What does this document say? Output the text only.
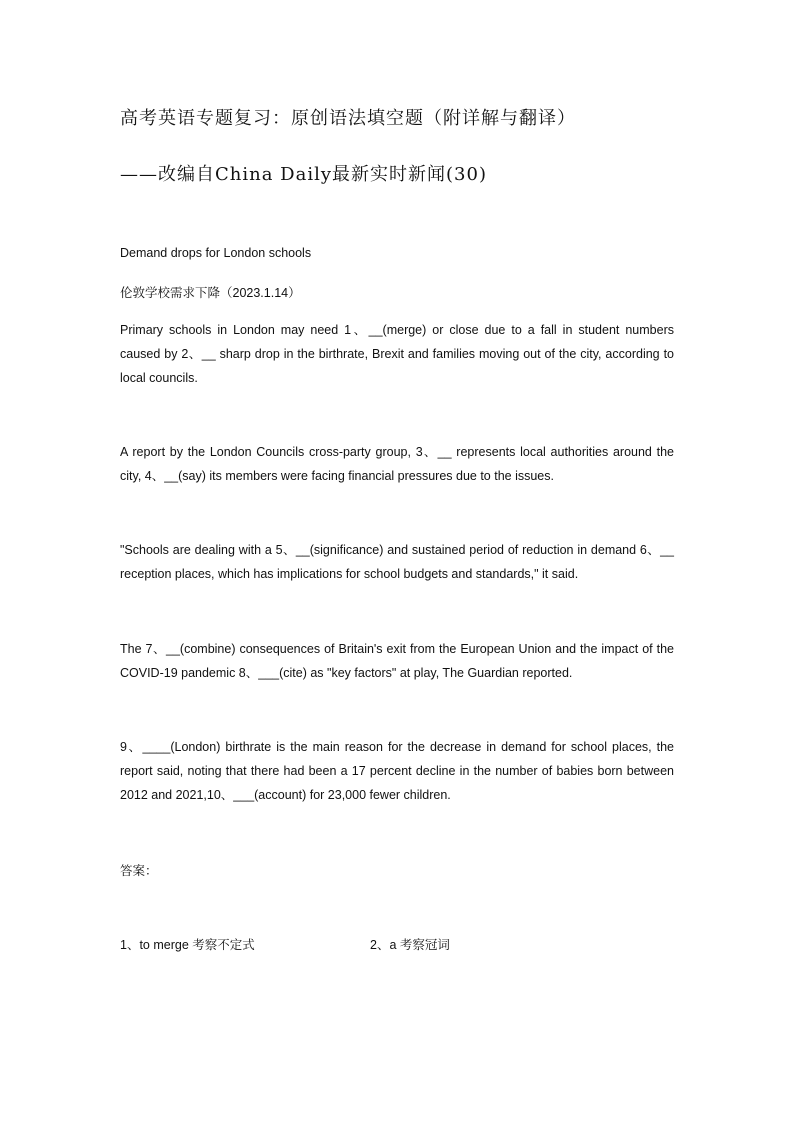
高考英语专题复习：原创语法填空题（附详解与翻译）
——改编自China Daily最新实时新闻(30)
Demand drops for London schools
伦敦学校需求下降（2023.1.14）
Primary schools in London may need 1、__(merge) or close due to a fall in student numbers caused by 2、__ sharp drop in the birthrate, Brexit and families moving out of the city, according to local councils.
A report by the London Councils cross-party group, 3、__ represents local authorities around the city, 4、__(say) its members were facing financial pressures due to the issues.
"Schools are dealing with a 5、__(significance) and sustained period of reduction in demand 6、__ reception places, which has implications for school budgets and standards," it said.
The 7、__(combine) consequences of Britain's exit from the European Union and the impact of the COVID-19 pandemic 8、___(cite) as "key factors" at play, The Guardian reported.
9、____(London) birthrate is the main reason for the decrease in demand for school places, the report said, noting that there had been a 17 percent decline in the number of babies born between 2012 and 2021,10、___(account) for 23,000 fewer children.
答案：
1、to merge 考察不定式	2、a 考察冠词
